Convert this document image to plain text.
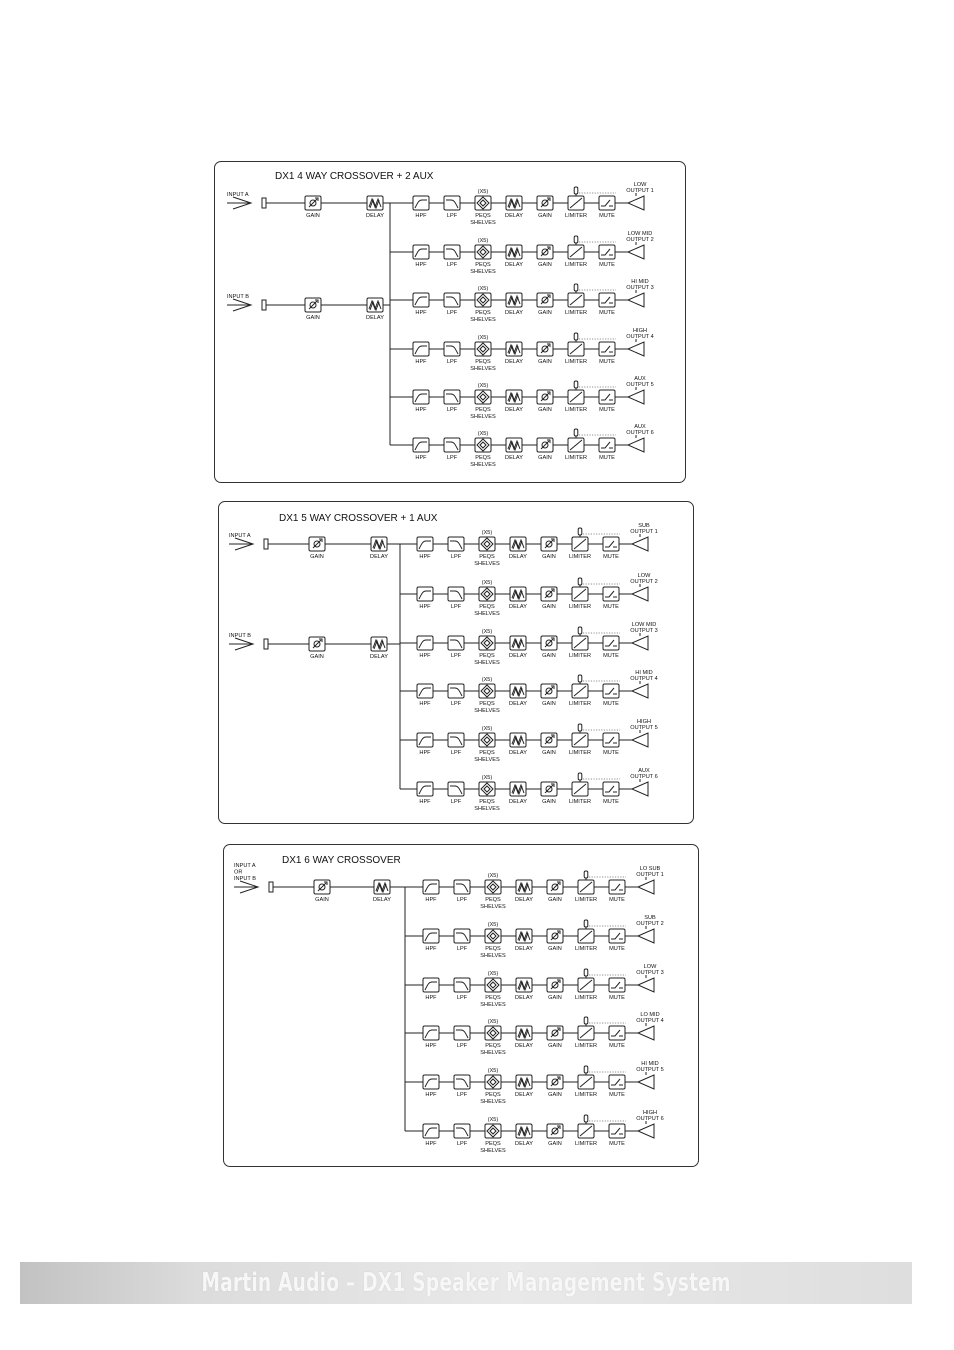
DX1 4 WAY CROSSOVER + 2 AUX
INPUT A
GAIN	DELAY
INPUT B
GAIN	DELAY
HPF	LPF
(X5)
PEQS
SHELVES
DELAY	GAIN LIMITER MUTE
LOW
OUTPUT 1
HPF	LPF
(X5)
PEQS
SHELVES
DELAY	GAIN LIMITER MUTE
LOW MID
OUTPUT 2
HPF	LPF
(X5)
PEQS
SHELVES
DELAY	GAIN LIMITER MUTE
HI MID
OUTPUT 3
HPF	LPF
(X5)
PEQS
SHELVES
DELAY	GAIN LIMITER MUTE
HIGH
OUTPUT 4
HPF	LPF
(X5)
PEQS
SHELVES
DELAY	GAIN LIMITER MUTE
AUX
OUTPUT 5
HPF	LPF
(X5)
PEQS
SHELVES
DELAY	GAIN LIMITER MUTE
AUX
OUTPUT 6
DX1 5 WAY CROSSOVER + 1 AUX
INPUT A
GAIN	DELAY
INPUT B
GAIN	DELAY
HPF	LPF
(X5)
PEQS
SHELVES
DELAY	GAIN LIMITER MUTE
SUB
OUTPUT 1
HPF	LPF
(X5)
PEQS
SHELVES
DELAY	GAIN LIMITER MUTE
LOW
OUTPUT 2
HPF	LPF
(X5)
PEQS
SHELVES
DELAY	GAIN LIMITER MUTE
LOW MID
OUTPUT 3
HPF	LPF
(X5)
PEQS
SHELVES
DELAY	GAIN LIMITER MUTE
HI MID
OUTPUT 4
HPF	LPF
(X5)
PEQS
SHELVES
DELAY	GAIN LIMITER MUTE
HIGH
OUTPUT 5
HPF	LPF
(X5)
PEQS
SHELVES
DELAY	GAIN LIMITER MUTE
AUX
OUTPUT 6
DX1 6 WAY CROSSOVER
INPUT A
OR
INPUT B
GAIN	DELAY	HPF	LPF
(X5)
PEQS
SHELVES
DELAY	GAIN LIMITER MUTE
LO SUB
OUTPUT 1
HPF	LPF
(X5)
PEQS
SHELVES
DELAY	GAIN LIMITER MUTE
SUB
OUTPUT 2
HPF	LPF
(X5)
PEQS
SHELVES
DELAY	GAIN LIMITER MUTE
LOW
OUTPUT 3
HPF	LPF
(X5)
PEQS
SHELVES
DELAY	GAIN LIMITER MUTE
LO MID
OUTPUT 4
HPF	LPF
(X5)
PEQS
SHELVES
DELAY	GAIN LIMITER MUTE
HI MID
OUTPUT 5
HPF	LPF
(X5)
PEQS
SHELVES
DELAY	GAIN LIMITER MUTE
HIGH
OUTPUT 6
Martin Audio – DX1 Speaker Management System
